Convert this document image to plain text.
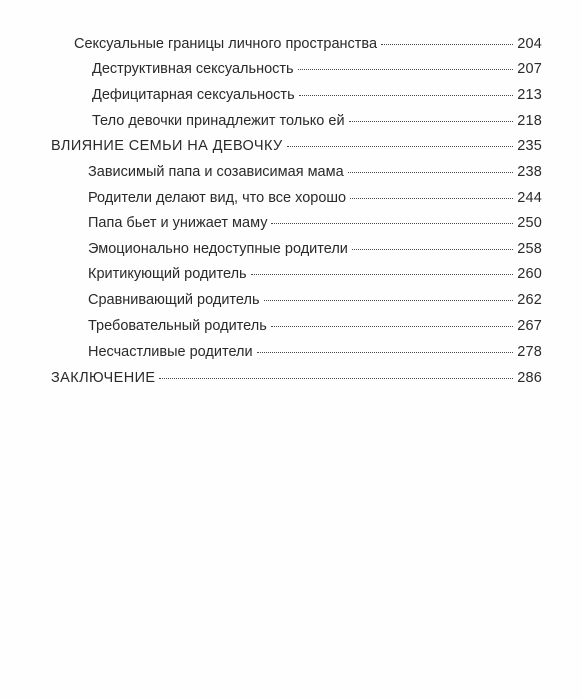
Сексуальные границы личного пространства	204
Деструктивная сексуальность	207
Дефицитарная сексуальность	213
Тело девочки принадлежит только ей	218
ВЛИЯНИЕ СЕМЬИ НА ДЕВОЧКУ	235
Зависимый папа и созависимая мама	238
Родители делают вид, что все хорошо	244
Папа бьет и унижает маму	250
Эмоционально недоступные родители	258
Критикующий родитель	260
Сравнивающий родитель	262
Требовательный родитель	267
Несчастливые родители	278
ЗАКЛЮЧЕНИЕ	286
